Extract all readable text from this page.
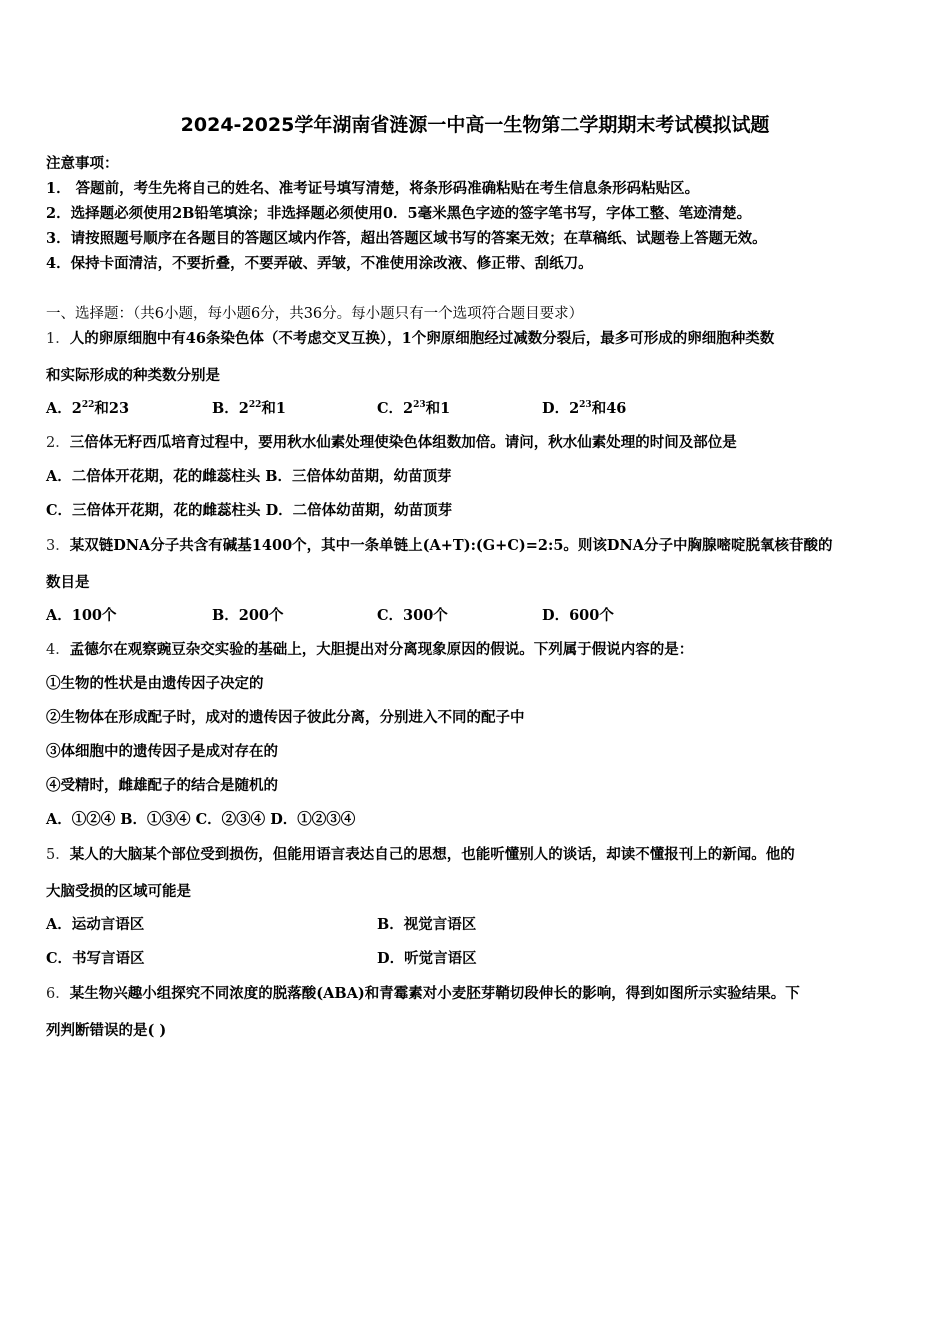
2024-2025学年湖南省涟源一中高一生物第二学期期末考试模拟试题
注意事项：
1． 答题前，考生先将自己的姓名、准考证号填写清楚，将条形码准确粘贴在考生信息条形码粘贴区。
2．选择题必须使用2B铅笔填涂；非选择题必须使用0．5毫米黑色字迹的签字笔书写，字体工整、笔迹清楚。
3．请按照题号顺序在各题目的答题区域内作答，超出答题区域书写的答案无效；在草稿纸、试题卷上答题无效。
4．保持卡面清洁，不要折叠，不要弄破、弄皱，不准使用涂改液、修正带、刮纸刀。
一、选择题：（共6小题，每小题6分，共36分。每小题只有一个选项符合题目要求）
1．人的卵原细胞中有46条染色体（不考虑交叉互换），1个卵原细胞经过减数分裂后，最多可形成的卵细胞种类数
和实际形成的种类数分别是
A．$2^{22}$和23	B．$2^{22}$和1	C．$2^{23}$和1	D．$2^{23}$和46
2．三倍体无籽西瓜培育过程中，要用秋水仙素处理使染色体组数加倍。请问，秋水仙素处理的时间及部位是
A．二倍体开花期，花的雌蕊柱头 B．三倍体幼苗期，幼苗顶芽
C．三倍体开花期，花的雌蕊柱头 D．二倍体幼苗期，幼苗顶芽
3．某双链DNA分子共含有碱基1400个，其中一条单链上(A+T):(G+C)=2:5。则该DNA分子中胸腺嘧啶脱氧核苷酸的
数目是
A．100个	B．200个	C．300个	D．600个
4．孟德尔在观察豌豆杂交实验的基础上，大胆提出对分离现象原因的假说。下列属于假说内容的是：
①生物的性状是由遗传因子决定的
②生物体在形成配子时，成对的遗传因子彼此分离，分别进入不同的配子中
③体细胞中的遗传因子是成对存在的
④受精时，雌雄配子的结合是随机的
A．①②④ B．①③④ C．②③④ D．①②③④
5．某人的大脑某个部位受到损伤，但能用语言表达自己的思想，也能听懂别人的谈话，却读不懂报刊上的新闻。他的
大脑受损的区域可能是
A．运动言语区	B．视觉言语区
C．书写言语区	D．听觉言语区
6．某生物兴趣小组探究不同浓度的脱落酸(ABA)和青霉素对小麦胚芽鞘切段伸长的影响，得到如图所示实验结果。下
列判断错误的是( )
